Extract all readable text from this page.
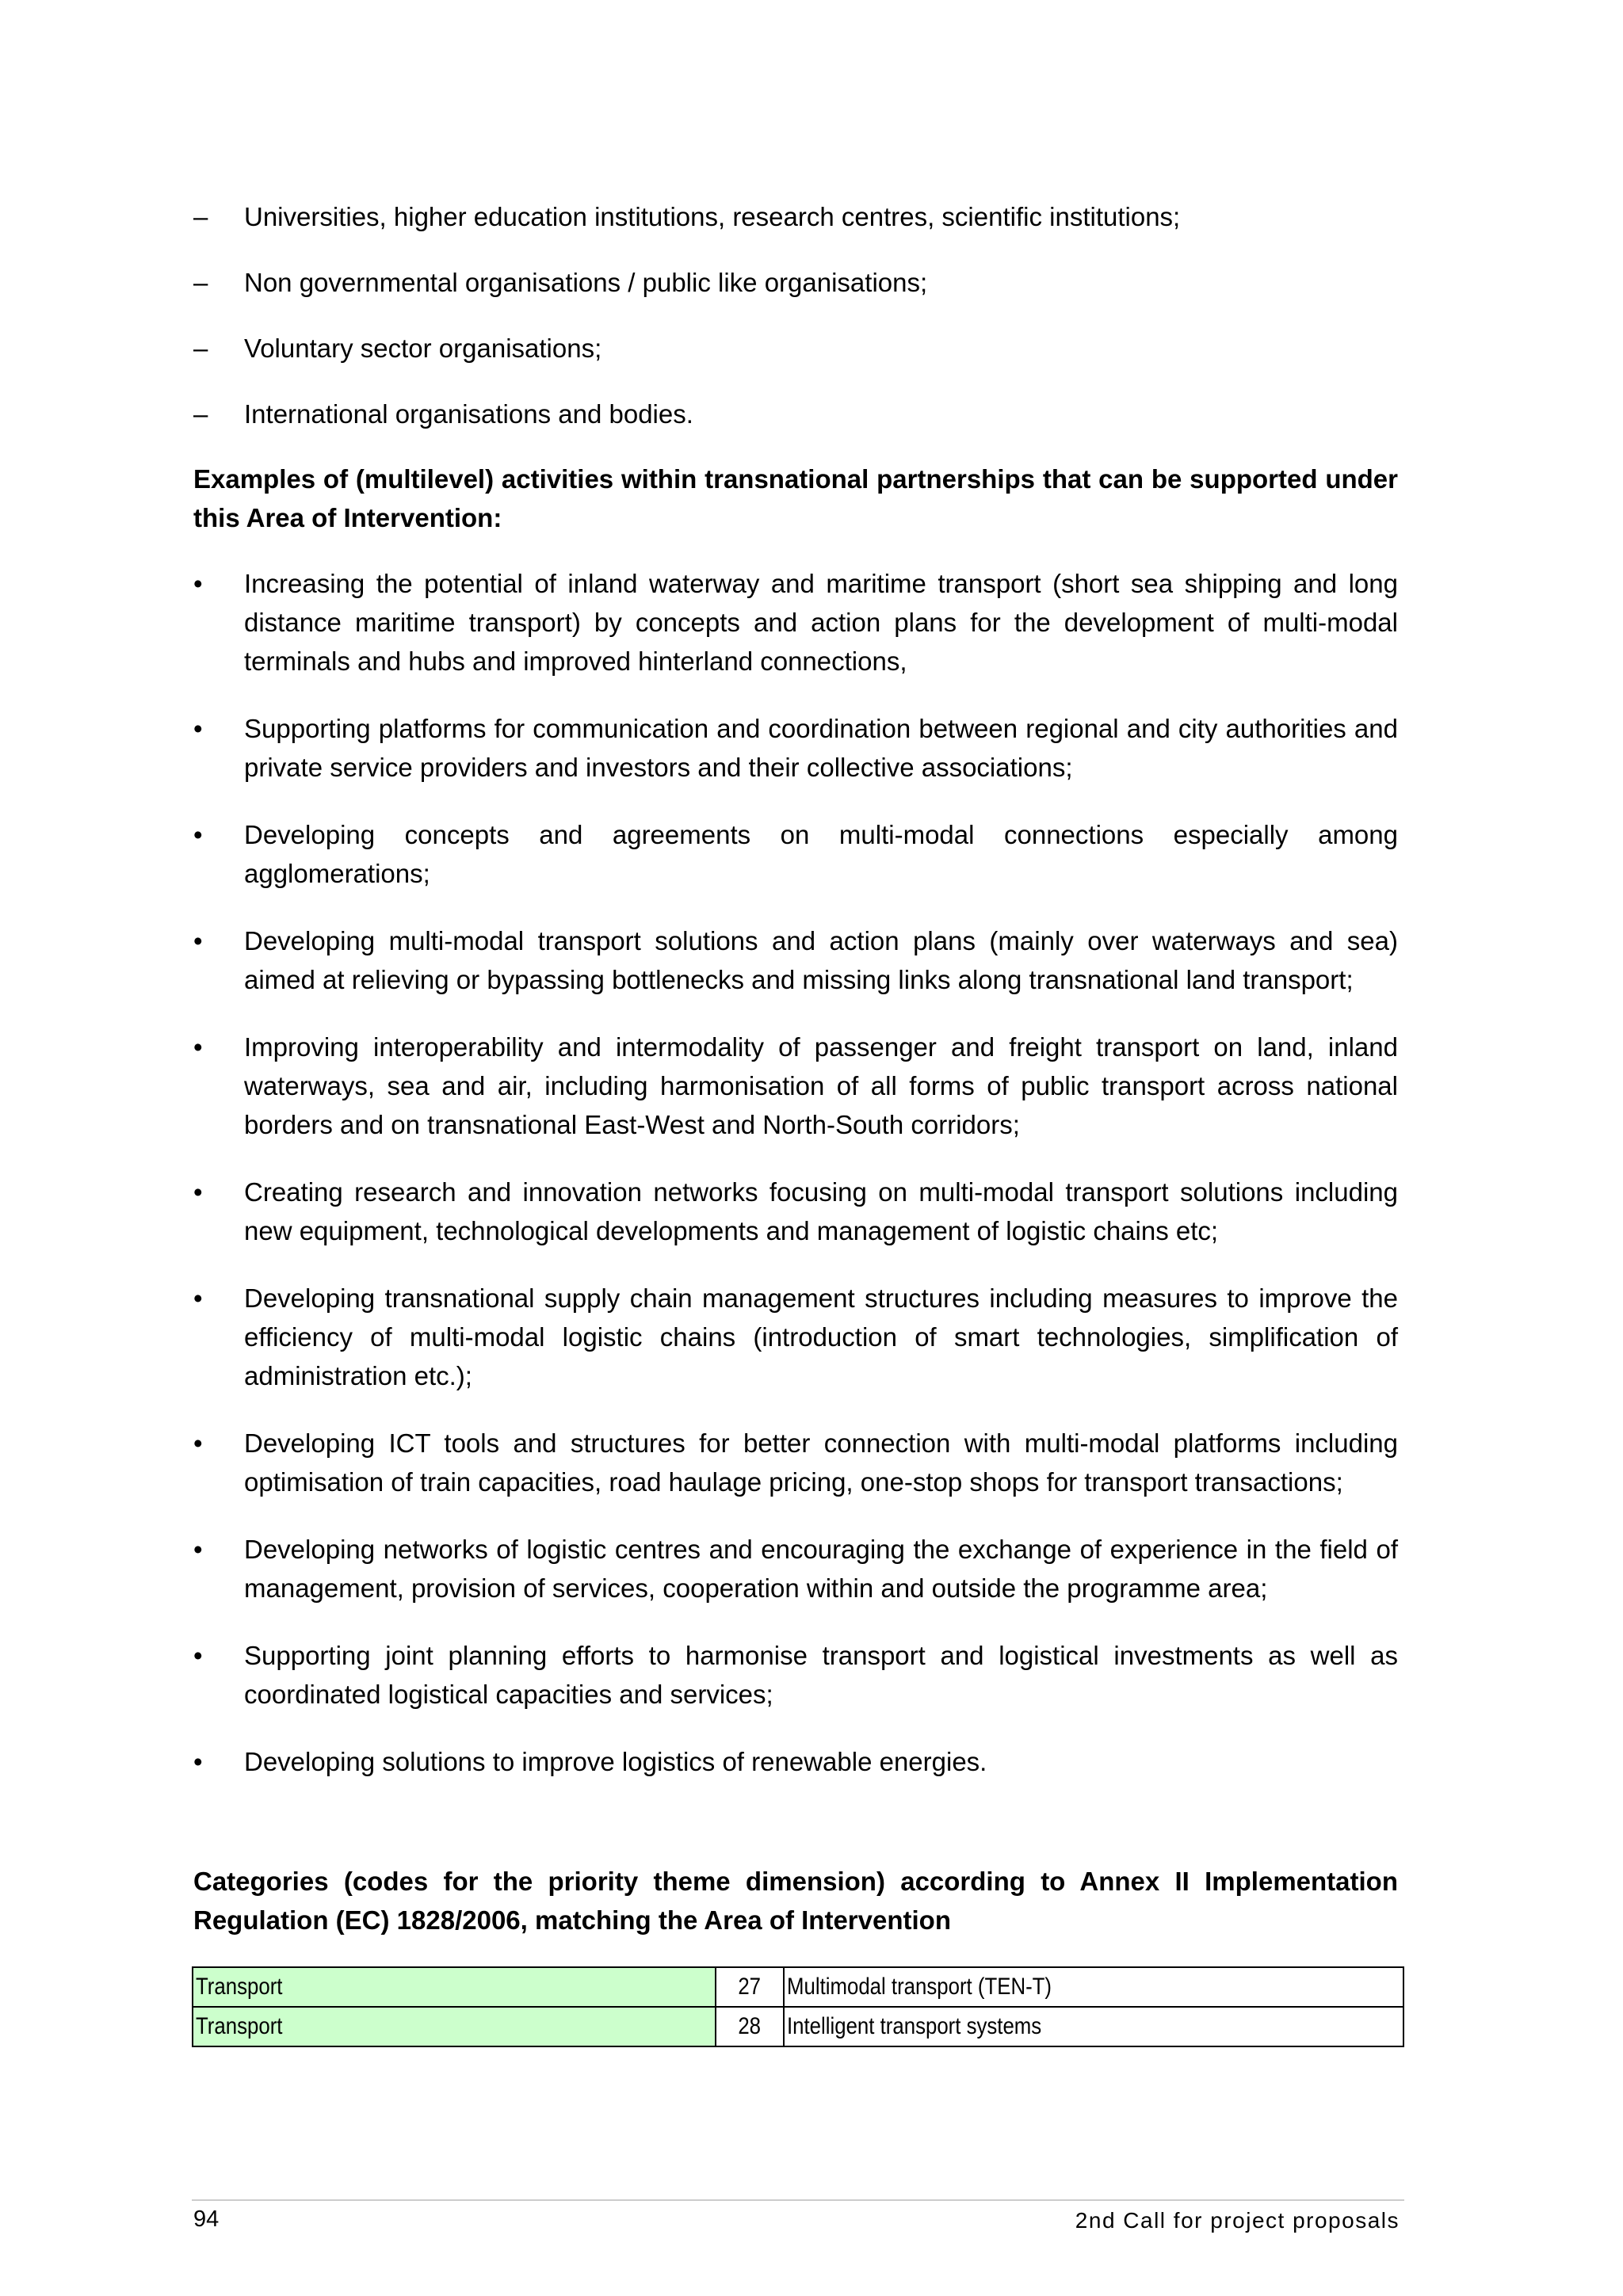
–	Universities, higher education institutions, research centres, scientific institutions;
–	Non governmental organisations / public like organisations;
–	Voluntary sector organisations;
–	International organisations and bodies.

Examples of (multilevel) activities within transnational partnerships that can be supported under this Area of Intervention:

• Increasing the potential of inland waterway and maritime transport (short sea shipping and long distance maritime transport) by concepts and action plans for the development of multi-modal terminals and hubs and improved hinterland connections,
• Supporting platforms for communication and coordination between regional and city authorities and private service providers and investors and their collective associations;
• Developing concepts and agreements on multi-modal connections especially among agglomerations;
• Developing multi-modal transport solutions and action plans (mainly over waterways and sea) aimed at relieving or bypassing bottlenecks and missing links along transnational land transport;
• Improving interoperability and intermodality of passenger and freight transport on land, inland waterways, sea and air, including harmonisation of all forms of public transport across national borders and on transnational East-West and North-South corridors;
• Creating research and innovation networks focusing on multi-modal transport solutions including new equipment, technological developments and management of logistic chains etc;
• Developing transnational supply chain management structures including measures to improve the efficiency of multi-modal logistic chains (introduction of smart technologies, simplification of administration etc.);
• Developing ICT tools and structures for better connection with multi-modal platforms including optimisation of train capacities, road haulage pricing, one-stop shops for transport transactions;
• Developing networks of logistic centres and encouraging the exchange of experience in the field of management, provision of services, cooperation within and outside the programme area;
• Supporting joint planning efforts to harmonise transport and logistical investments as well as coordinated logistical capacities and services;
• Developing solutions to improve logistics of renewable energies.

Categories (codes for the priority theme dimension) according to Annex II Implementation Regulation (EC) 1828/2006, matching the Area of Intervention

Transport	27	Multimodal transport (TEN-T)
Transport	28	Intelligent transport systems
94	2nd Call for project proposals
